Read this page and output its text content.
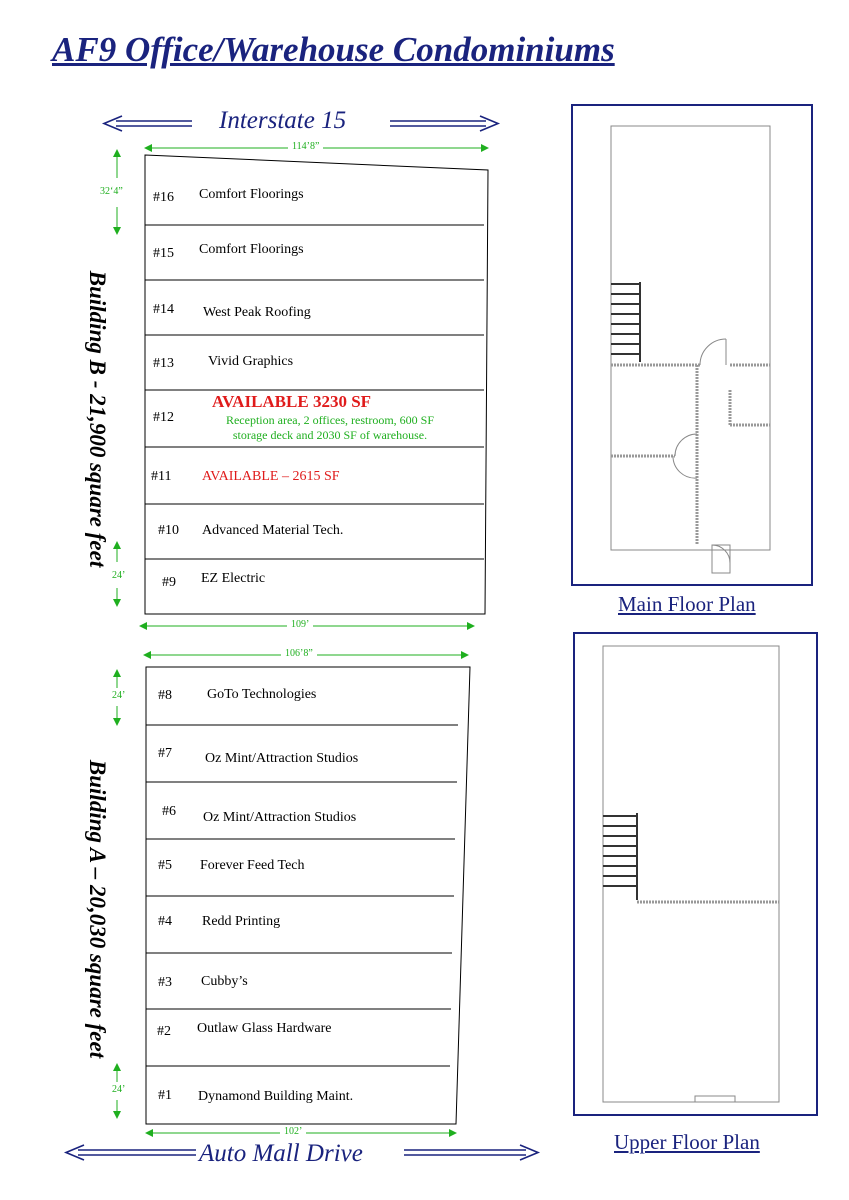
AF9 Office/Warehouse Condominiums
Interstate 15
Auto Mall Drive
114’8”
109’
106’8”
102’
32‘4”
24’
24’
24’
Building B - 21,900 square feet
Building A – 20,030 square feet
#16 Comfort Floorings
#15 Comfort Floorings
#14 West Peak Roofing
#13 Vivid Graphics
#12
AVAILABLE 3230 SF
Reception area, 2 offices, restroom, 600 SF
storage deck and 2030 SF of warehouse.
#11 AVAILABLE – 2615 SF
#10 Advanced Material Tech.
#9 EZ Electric
#8	GoTo Technologies
#7 Oz Mint/Attraction Studios
#6 Oz Mint/Attraction Studios
#5 Forever Feed Tech
#4 Redd Printing
#3 Cubby’s
#2 Outlaw Glass Hardware
#1 Dynamond Building Maint.
Main Floor Plan
Upper Floor Plan
